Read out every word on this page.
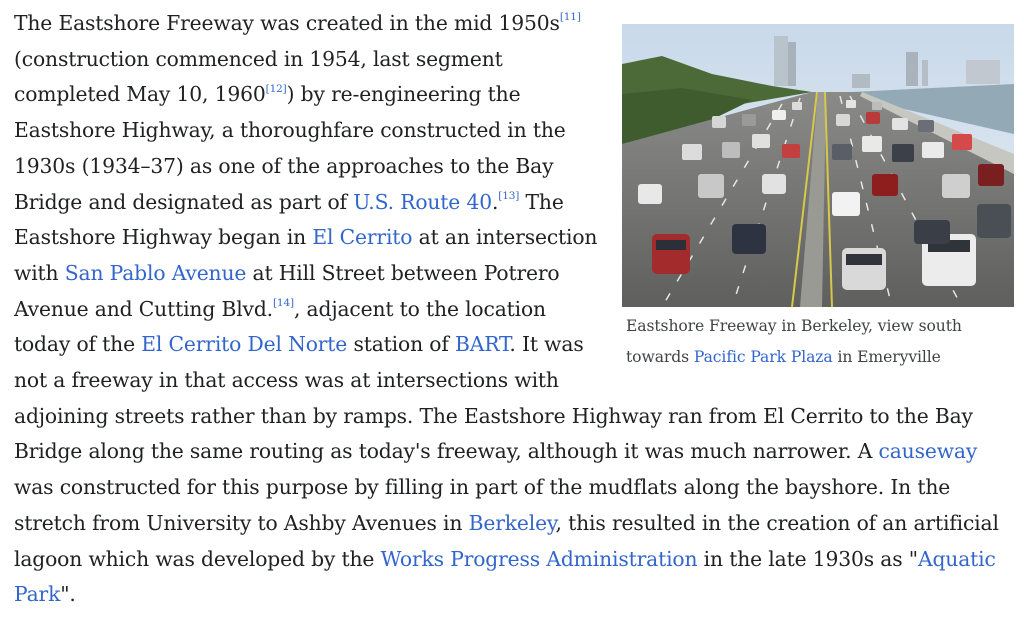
Eastshore Freeway in Berkeley, view south towards Pacific Park Plaza in Emeryville
The Eastshore Freeway was created in the mid 1950s[11] (construction commenced in 1954, last segment completed May 10, 1960[12]) by re-engineering the Eastshore Highway, a thoroughfare constructed in the 1930s (1934–37) as one of the approaches to the Bay Bridge and designated as part of U.S. Route 40.[13] The Eastshore Highway began in El Cerrito at an intersection with San Pablo Avenue at Hill Street between Potrero Avenue and Cutting Blvd.[14], adjacent to the location today of the El Cerrito Del Norte station of BART. It was not a freeway in that access was at intersections with adjoining streets rather than by ramps. The Eastshore Highway ran from El Cerrito to the Bay Bridge along the same routing as today's freeway, although it was much narrower. A causeway was constructed for this purpose by filling in part of the mudflats along the bayshore. In the stretch from University to Ashby Avenues in Berkeley, this resulted in the creation of an artificial lagoon which was developed by the Works Progress Administration in the late 1930s as "Aquatic Park".
